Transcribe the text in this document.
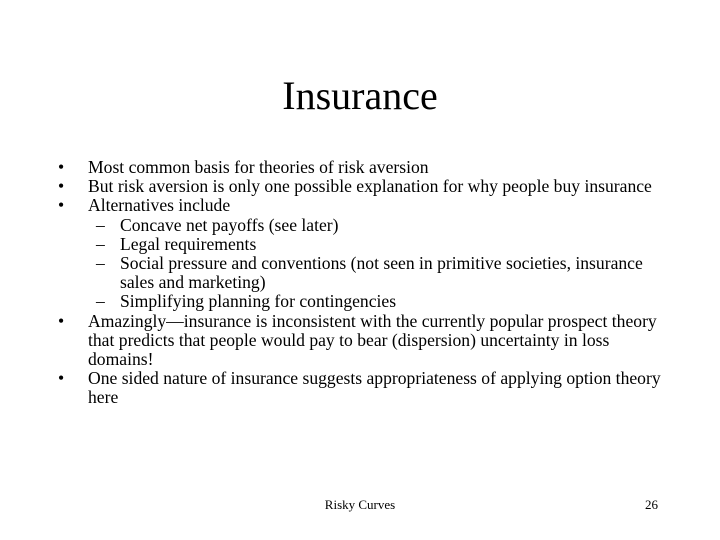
Insurance
• Most common basis for theories of risk aversion
• But risk aversion is only one possible explanation for why people buy insurance
• Alternatives include
– Concave net payoffs (see later)
– Legal requirements
– Social pressure and conventions (not seen in primitive societies, insurance sales and marketing)
– Simplifying planning for contingencies
• Amazingly—insurance is inconsistent with the currently popular prospect theory that predicts that people would pay to bear (dispersion) uncertainty in loss domains!
• One sided nature of insurance suggests appropriateness of applying option theory here
Risky Curves	26
